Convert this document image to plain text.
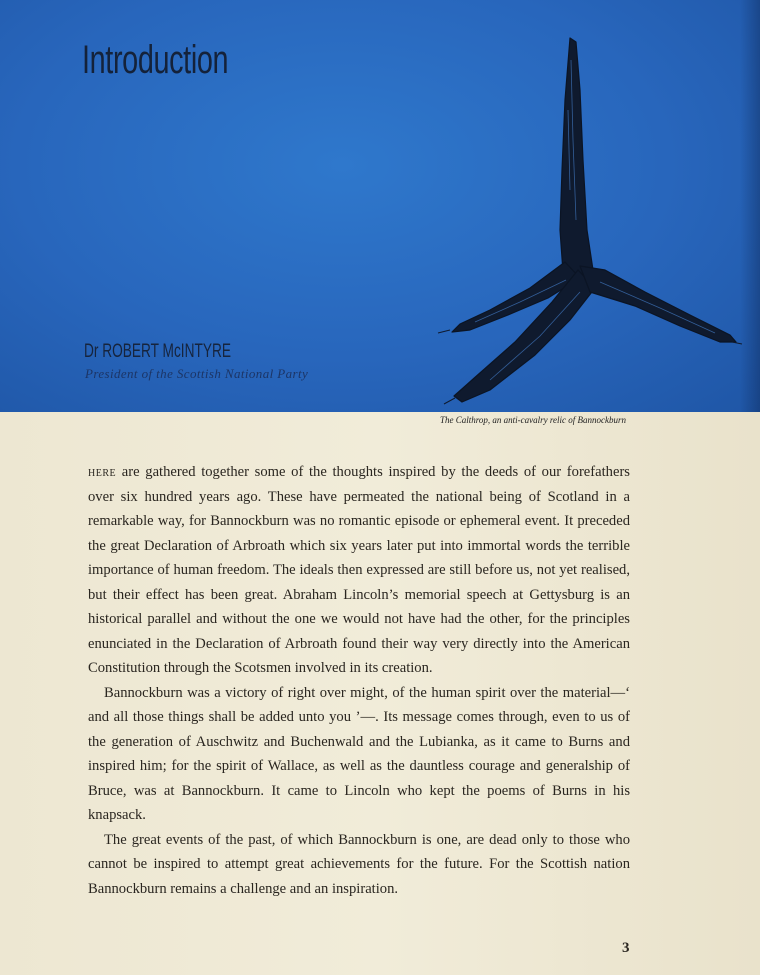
Introduction

Dr ROBERT McINTYRE

President of the Scottish National Party

The Calthrop, an anti-cavalry relic of Bannockburn

here are gathered together some of the thoughts inspired by the deeds of our forefathers over six hundred years ago. These have permeated the national being of Scotland in a remarkable way, for Bannockburn was no romantic episode or ephemeral event. It preceded the great Declaration of Arbroath which six years later put into immortal words the terrible importance of human freedom. The ideals then expressed are still before us, not yet realised, but their effect has been great. Abraham Lincoln’s memorial speech at Gettysburg is an historical parallel and without the one we would not have had the other, for the principles enunciated in the Declaration of Arbroath found their way very directly into the American Constitution through the Scotsmen involved in its creation.

Bannockburn was a victory of right over might, of the human spirit over the material—‘ and all those things shall be added unto you ’—. Its message comes through, even to us of the generation of Auschwitz and Buchenwald and the Lubianka, as it came to Burns and inspired him; for the spirit of Wallace, as well as the dauntless courage and generalship of Bruce, was at Bannockburn. It came to Lincoln who kept the poems of Burns in his knapsack.

The great events of the past, of which Bannockburn is one, are dead only to those who cannot be inspired to attempt great achievements for the future. For the Scottish nation Bannockburn remains a challenge and an inspiration.

3
